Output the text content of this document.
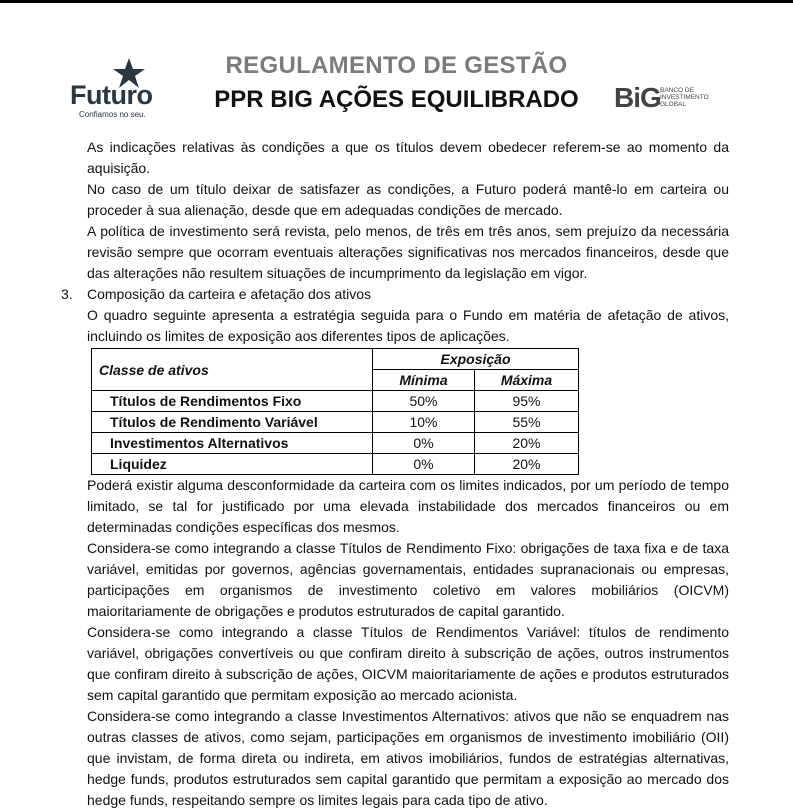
Futuro
Confiamos no seu.
REGULAMENTO DE GESTÃO
PPR BIG AÇÕES EQUILIBRADO	BiG BANCO DE INVESTIMENTO GLOBAL

As indicações relativas às condições a que os títulos devem obedecer referem-se ao momento da aquisição.

No caso de um título deixar de satisfazer as condições, a Futuro poderá mantê-lo em carteira ou proceder à sua alienação, desde que em adequadas condições de mercado.

A política de investimento será revista, pelo menos, de três em três anos, sem prejuízo da necessária revisão sempre que ocorram eventuais alterações significativas nos mercados financeiros, desde que das alterações não resultem situações de incumprimento da legislação em vigor.

3. Composição da carteira e afetação dos ativos

O quadro seguinte apresenta a estratégia seguida para o Fundo em matéria de afetação de ativos, incluindo os limites de exposição aos diferentes tipos de aplicações.

Classe de ativos	Exposição	
	Mínima	Máxima
Títulos de Rendimentos Fixo	50%	95%
Títulos de Rendimento Variável	10%	55%
Investimentos Alternativos	0%	20%
Liquidez	0%	20%

Poderá existir alguma desconformidade da carteira com os limites indicados, por um período de tempo limitado, se tal for justificado por uma elevada instabilidade dos mercados financeiros ou em determinadas condições específicas dos mesmos.

Considera-se como integrando a classe Títulos de Rendimento Fixo: obrigações de taxa fixa e de taxa variável, emitidas por governos, agências governamentais, entidades supranacionais ou empresas, participações em organismos de investimento coletivo em valores mobiliários (OICVM) maioritariamente de obrigações e produtos estruturados de capital garantido.

Considera-se como integrando a classe Títulos de Rendimentos Variável: títulos de rendimento variável, obrigações convertíveis ou que confiram direito à subscrição de ações, outros instrumentos que confiram direito à subscrição de ações, OICVM maioritariamente de ações e produtos estruturados sem capital garantido que permitam exposição ao mercado acionista.

Considera-se como integrando a classe Investimentos Alternativos: ativos que não se enquadrem nas outras classes de ativos, como sejam, participações em organismos de investimento imobiliário (OII) que invistam, de forma direta ou indireta, em ativos imobiliários, fundos de estratégias alternativas, hedge funds, produtos estruturados sem capital garantido que permitam a exposição ao mercado dos hedge funds, respeitando sempre os limites legais para cada tipo de ativo.
